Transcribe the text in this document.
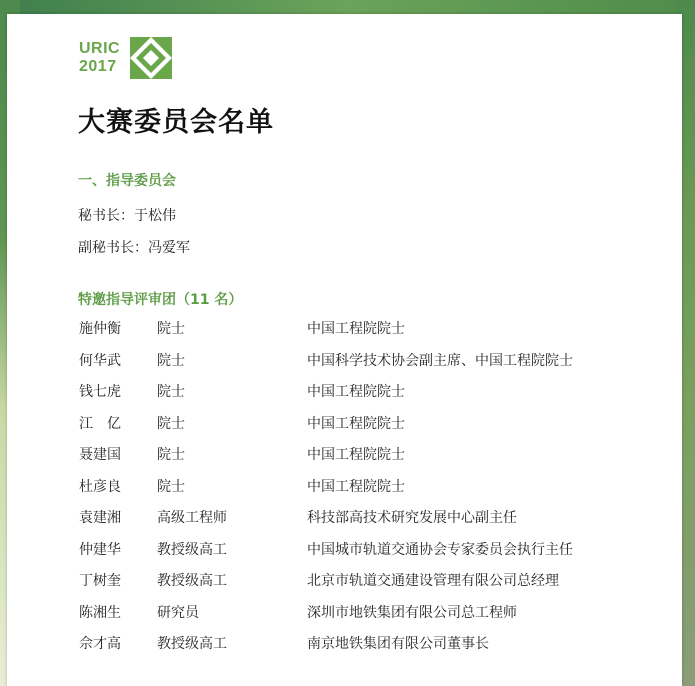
URIC
2017
大赛委员会名单
一、指导委员会
秘书长：于松伟
副秘书长：冯爱军
特邀指导评审团（11 名）
施仲衡	院士	中国工程院院士
何华武	院士	中国科学技术协会副主席、中国工程院院士
钱七虎	院士	中国工程院院士
江　亿	院士	中国工程院院士
聂建国	院士	中国工程院院士
杜彦良	院士	中国工程院院士
袁建湘	高级工程师	科技部高技术研究发展中心副主任
仲建华	教授级高工	中国城市轨道交通协会专家委员会执行主任
丁树奎	教授级高工	北京市轨道交通建设管理有限公司总经理
陈湘生	研究员	深圳市地铁集团有限公司总工程师
佘才高	教授级高工	南京地铁集团有限公司董事长
